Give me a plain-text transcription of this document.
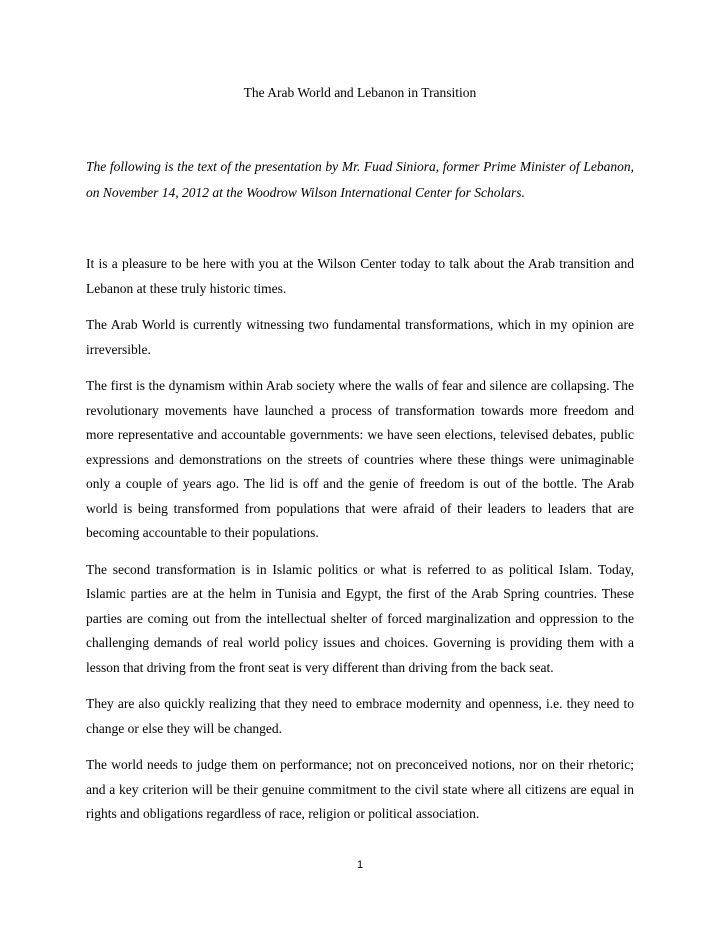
The Arab World and Lebanon in Transition

The following is the text of the presentation by Mr. Fuad Siniora, former Prime Minister of Lebanon, on November 14, 2012 at the Woodrow Wilson International Center for Scholars.

It is a pleasure to be here with you at the Wilson Center today to talk about the Arab transition and Lebanon at these truly historic times.

The Arab World is currently witnessing two fundamental transformations, which in my opinion are irreversible.

The first is the dynamism within Arab society where the walls of fear and silence are collapsing. The revolutionary movements have launched a process of transformation towards more freedom and more representative and accountable governments: we have seen elections, televised debates, public expressions and demonstrations on the streets of countries where these things were unimaginable only a couple of years ago. The lid is off and the genie of freedom is out of the bottle. The Arab world is being transformed from populations that were afraid of their leaders to leaders that are becoming accountable to their populations.

The second transformation is in Islamic politics or what is referred to as political Islam. Today, Islamic parties are at the helm in Tunisia and Egypt, the first of the Arab Spring countries. These parties are coming out from the intellectual shelter of forced marginalization and oppression to the challenging demands of real world policy issues and choices. Governing is providing them with a lesson that driving from the front seat is very different than driving from the back seat.

They are also quickly realizing that they need to embrace modernity and openness, i.e. they need to change or else they will be changed.

The world needs to judge them on performance; not on preconceived notions, nor on their rhetoric; and a key criterion will be their genuine commitment to the civil state where all citizens are equal in rights and obligations regardless of race, religion or political association.

1
